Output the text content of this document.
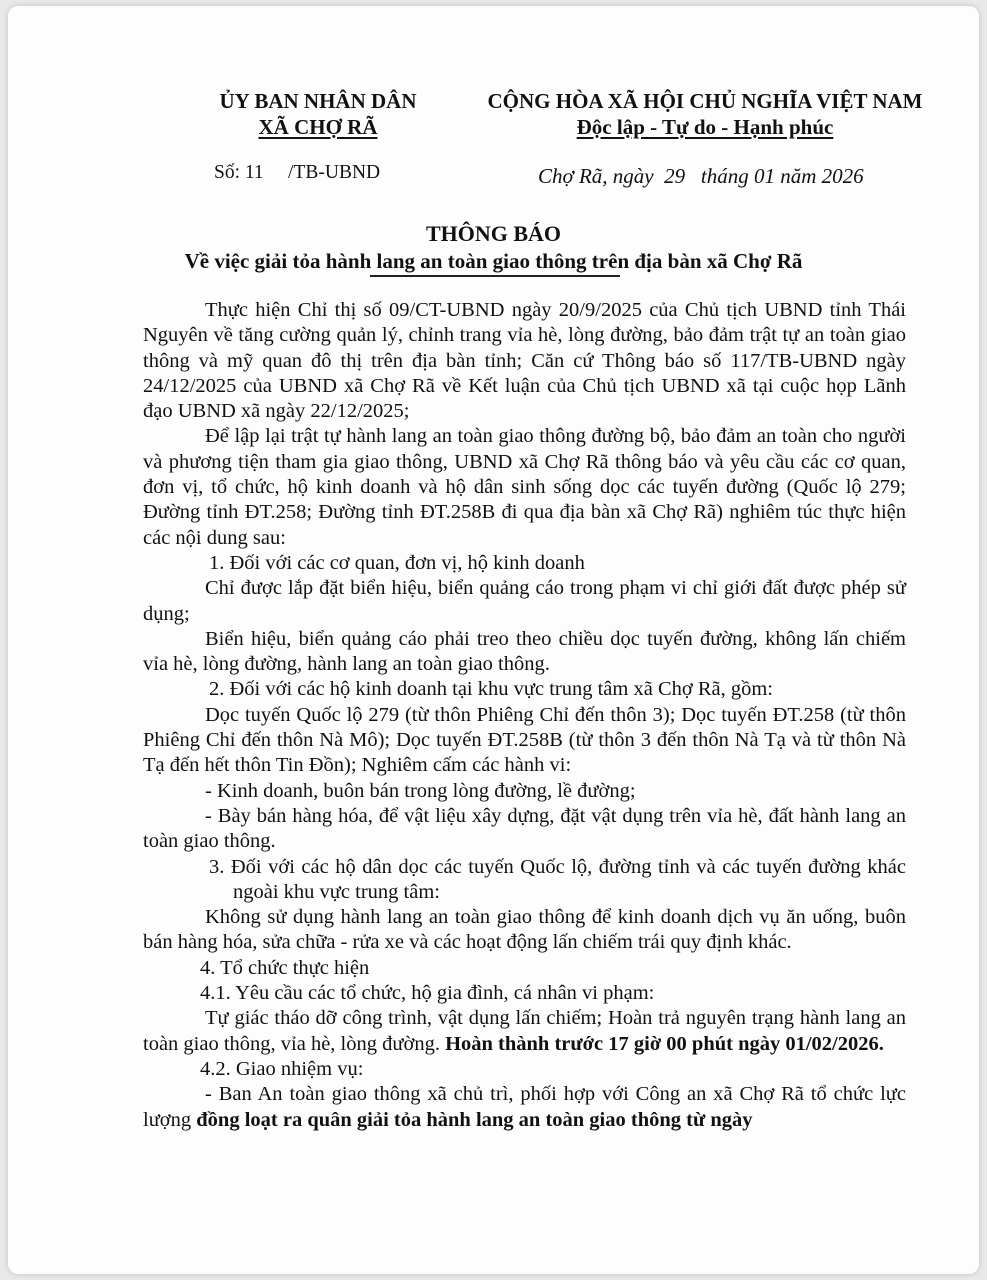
ỦY BAN NHÂN DÂN
XÃ CHỢ RÃ
CỘNG HÒA XÃ HỘI CHỦ NGHĨA VIỆT NAM
Độc lập - Tự do - Hạnh phúc
Số: 11     /TB-UBND	Chợ Rã, ngày  29   tháng 01 năm 2026
THÔNG BÁO
Về việc giải tỏa hành lang an toàn giao thông trên địa bàn xã Chợ Rã

Thực hiện Chỉ thị số 09/CT-UBND ngày 20/9/2025 của Chủ tịch UBND tỉnh Thái Nguyên về tăng cường quản lý, chỉnh trang vỉa hè, lòng đường, bảo đảm trật tự an toàn giao thông và mỹ quan đô thị trên địa bàn tỉnh; Căn cứ Thông báo số 117/TB-UBND ngày 24/12/2025 của UBND xã Chợ Rã về Kết luận của Chủ tịch UBND xã tại cuộc họp Lãnh đạo UBND xã ngày 22/12/2025;

Để lập lại trật tự hành lang an toàn giao thông đường bộ, bảo đảm an toàn cho người và phương tiện tham gia giao thông, UBND xã Chợ Rã thông báo và yêu cầu các cơ quan, đơn vị, tổ chức, hộ kinh doanh và hộ dân sinh sống dọc các tuyến đường (Quốc lộ 279; Đường tỉnh ĐT.258; Đường tỉnh ĐT.258B đi qua địa bàn xã Chợ Rã) nghiêm túc thực hiện các nội dung sau:

1. Đối với các cơ quan, đơn vị, hộ kinh doanh

Chỉ được lắp đặt biển hiệu, biển quảng cáo trong phạm vi chỉ giới đất được phép sử dụng;

Biển hiệu, biển quảng cáo phải treo theo chiều dọc tuyến đường, không lấn chiếm vỉa hè, lòng đường, hành lang an toàn giao thông.

2. Đối với các hộ kinh doanh tại khu vực trung tâm xã Chợ Rã, gồm:

Dọc tuyến Quốc lộ 279 (từ thôn Phiêng Chỉ đến thôn 3); Dọc tuyến ĐT.258 (từ thôn Phiêng Chỉ đến thôn Nà Mô); Dọc tuyến ĐT.258B (từ thôn 3 đến thôn Nà Tạ và từ thôn Nà Tạ đến hết thôn Tin Đồn); Nghiêm cấm các hành vi:

- Kinh doanh, buôn bán trong lòng đường, lề đường;

- Bày bán hàng hóa, để vật liệu xây dựng, đặt vật dụng trên vỉa hè, đất hành lang an toàn giao thông.

3. Đối với các hộ dân dọc các tuyến Quốc lộ, đường tỉnh và các tuyến đường khác ngoài khu vực trung tâm:

Không sử dụng hành lang an toàn giao thông để kinh doanh dịch vụ ăn uống, buôn bán hàng hóa, sửa chữa - rửa xe và các hoạt động lấn chiếm trái quy định khác.

4. Tổ chức thực hiện

4.1. Yêu cầu các tổ chức, hộ gia đình, cá nhân vi phạm:

Tự giác tháo dỡ công trình, vật dụng lấn chiếm; Hoàn trả nguyên trạng hành lang an toàn giao thông, vỉa hè, lòng đường. Hoàn thành trước 17 giờ 00 phút ngày 01/02/2026.

4.2. Giao nhiệm vụ:

- Ban An toàn giao thông xã chủ trì, phối hợp với Công an xã Chợ Rã tổ chức lực lượng đồng loạt ra quân giải tỏa hành lang an toàn giao thông từ ngày
